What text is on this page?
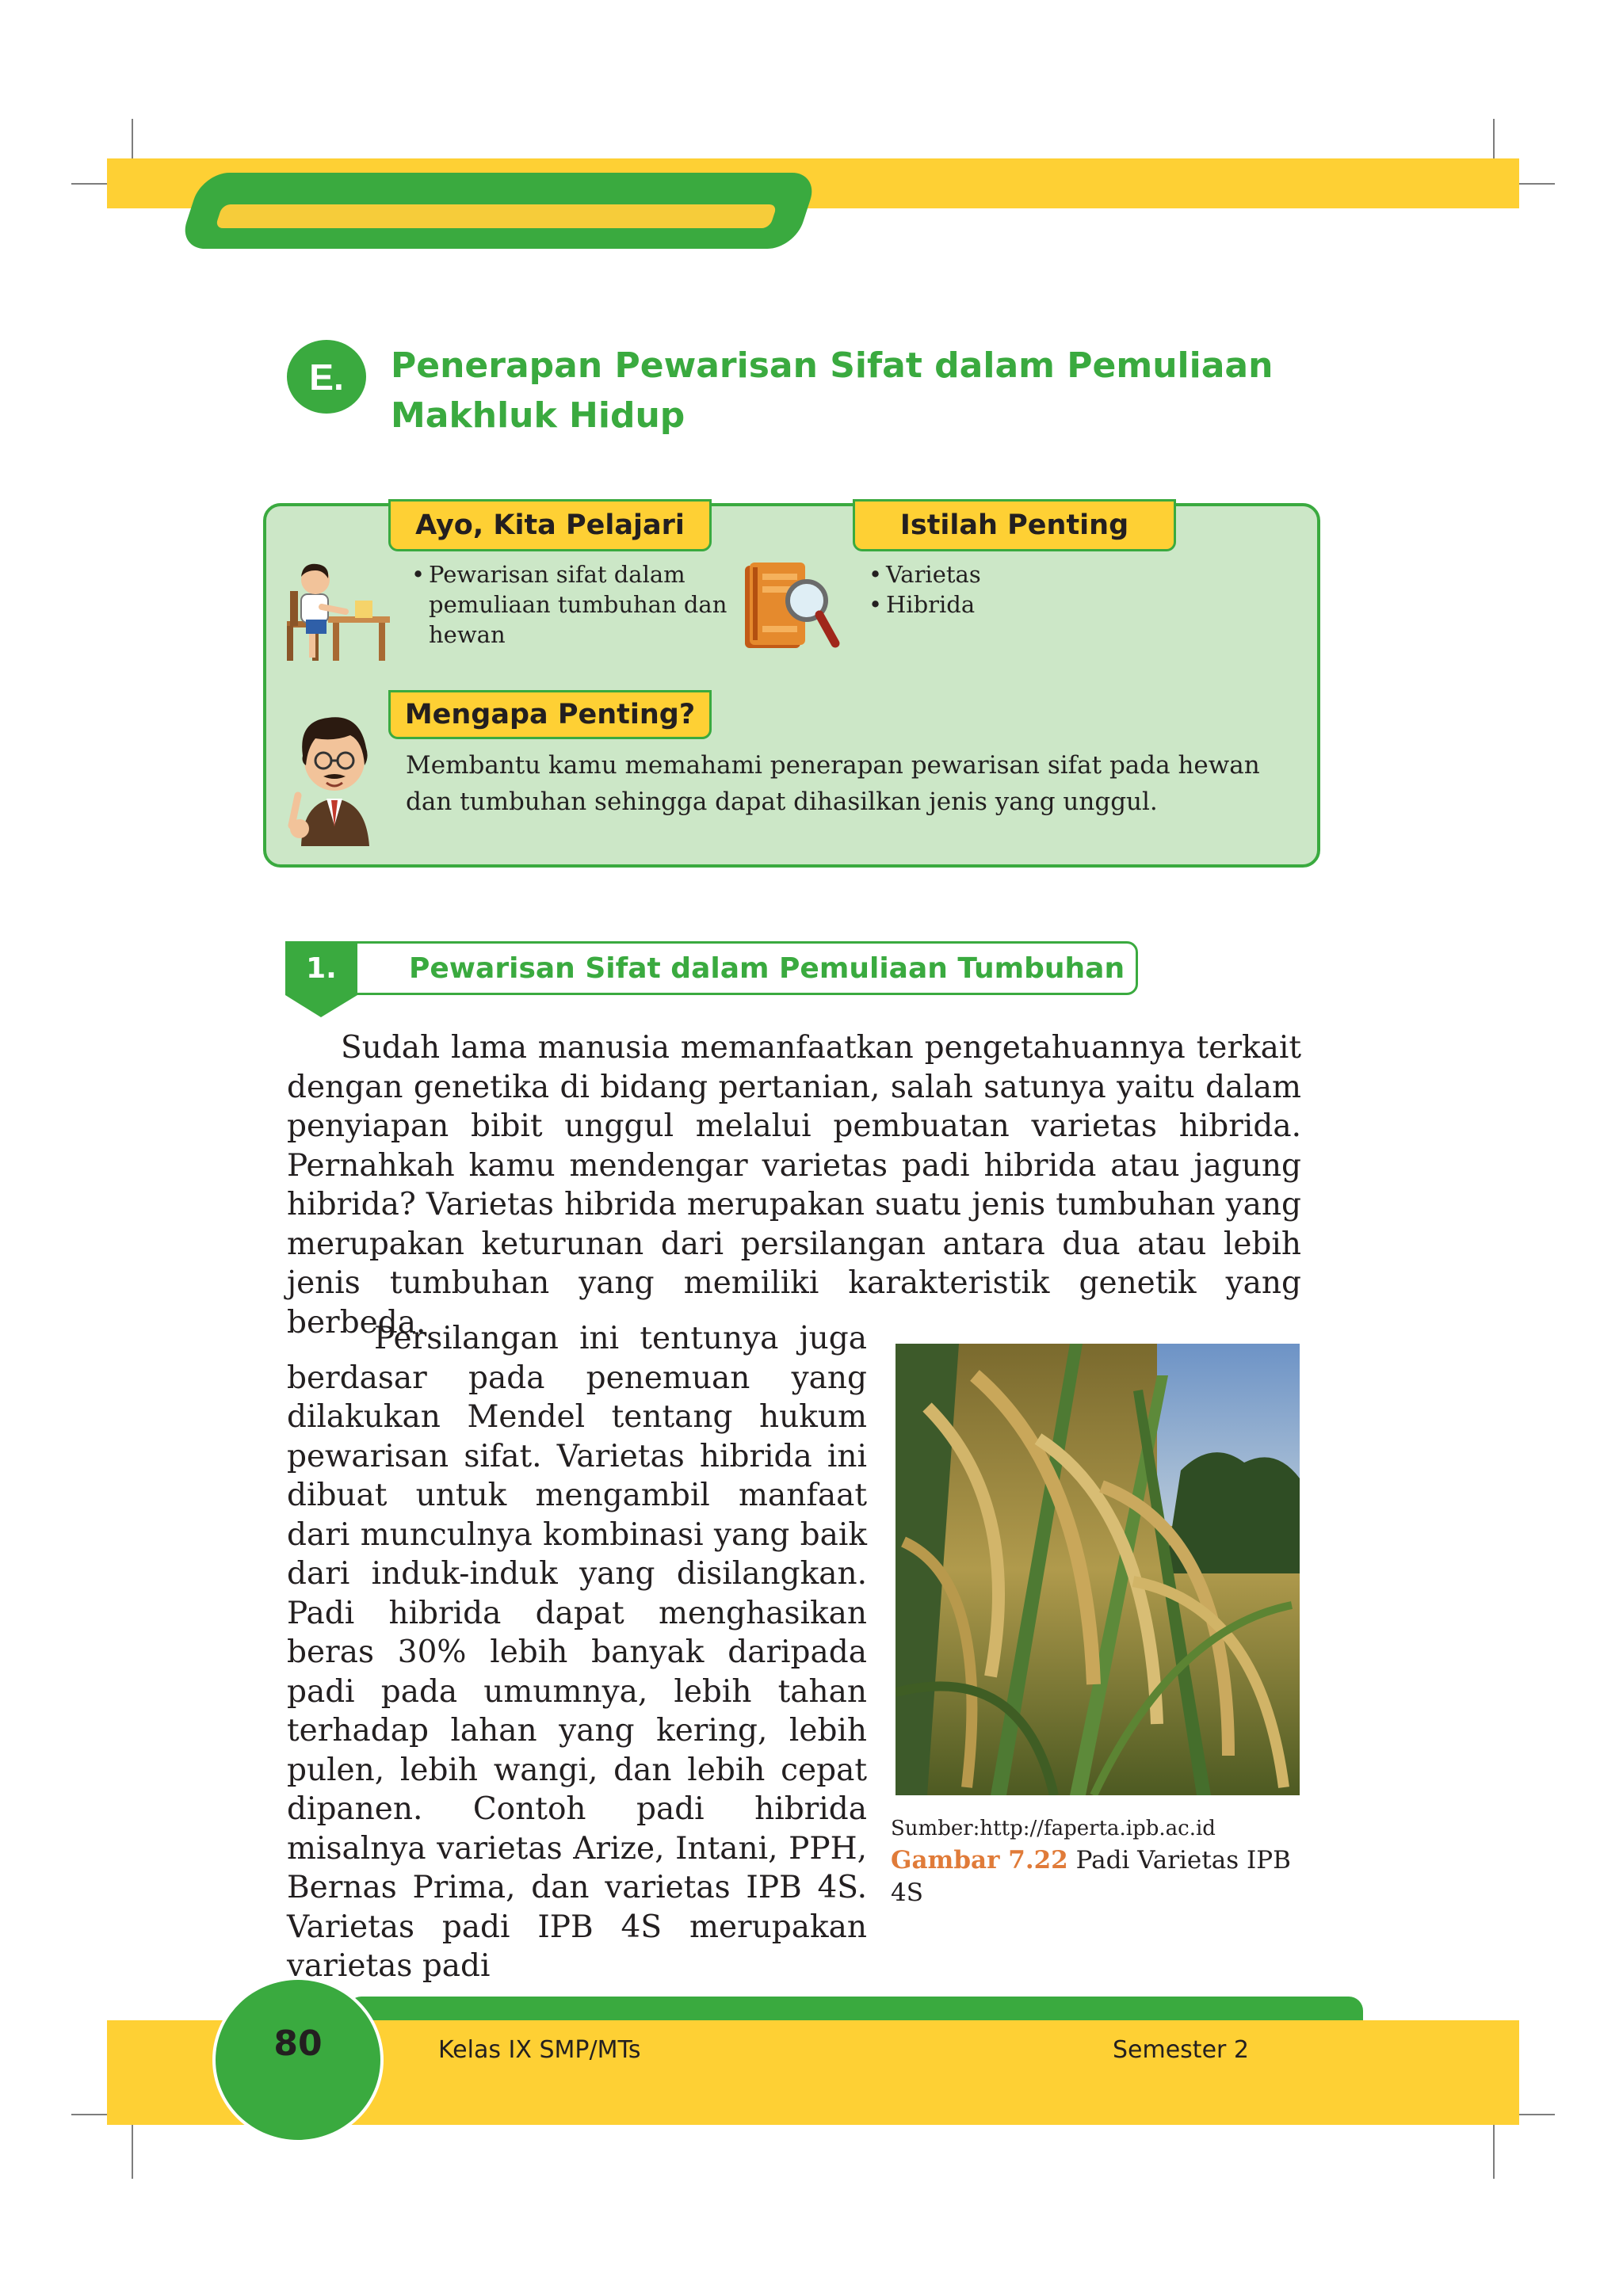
E.	Penerapan Pewarisan Sifat dalam Pemuliaan
Makhluk Hidup
Ayo, Kita Pelajari	Istilah Penting
Mengapa Penting?
• Pewarisan sifat dalam
pemuliaan tumbuhan dan
hewan
• Varietas
• Hibrida
Membantu kamu memahami penerapan pewarisan sifat pada hewan dan tumbuhan sehingga dapat dihasilkan jenis yang unggul.
1.	Pewarisan Sifat dalam Pemuliaan Tumbuhan
Sudah lama manusia memanfaatkan pengetahuannya terkait dengan genetika di bidang pertanian, salah satunya yaitu dalam penyiapan bibit unggul melalui pembuatan varietas hibrida. Pernahkah kamu mendengar varietas padi hibrida atau jagung hibrida? Varietas hibrida merupakan suatu jenis tumbuhan yang merupakan keturunan dari persilangan antara dua atau lebih jenis tumbuhan yang memiliki karakteristik genetik yang berbeda.
Persilangan ini tentunya juga berdasar pada penemuan yang dilakukan Mendel tentang hukum pewarisan sifat. Varietas hibrida ini dibuat untuk mengambil manfaat dari munculnya kombinasi yang baik dari induk-induk yang disilangkan. Padi hibrida dapat menghasikan beras 30% lebih banyak daripada padi pada umumnya, lebih tahan terhadap lahan yang kering, lebih pulen, lebih wangi, dan lebih cepat dipanen. Contoh padi hibrida misalnya varietas Arize, Intani, PPH, Bernas Prima, dan varietas IPB 4S. Varietas padi IPB 4S merupakan varietas padi
Sumber:http://faperta.ipb.ac.id
Gambar 7.22 Padi Varietas IPB 4S
80	Kelas IX SMP/MTs	Semester 2
